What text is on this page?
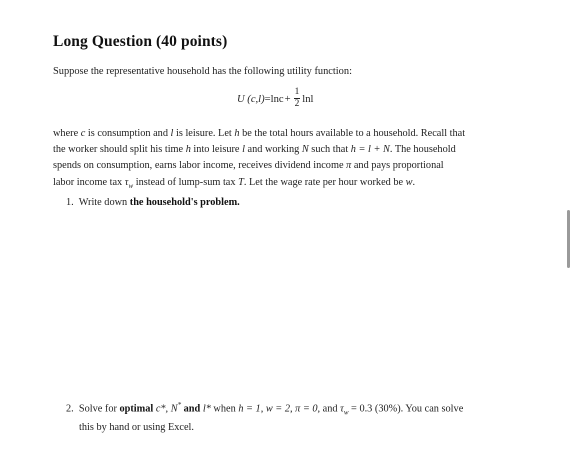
Long Question (40 points)
Suppose the representative household has the following utility function:
U $(c,l) = \ln c + \frac{1}{2}$ lnl
where c is consumption and l is leisure. Let h be the total hours available to a household. Recall that
the worker should split his time h into leisure l and working N such that h = l + N. The household
spends on consumption, earns labor income, receives dividend income π and pays proportional
labor income tax $\tau_w$ instead of lump-sum tax T. Let the wage rate per hour worked be w.
1. Write down the household's problem.
2. Solve for optimal c*, N* and l* when h = 1, w = 2, π = 0, and $\tau_w = 0.3$ (30%). You can solve
this by hand or using Excel.
